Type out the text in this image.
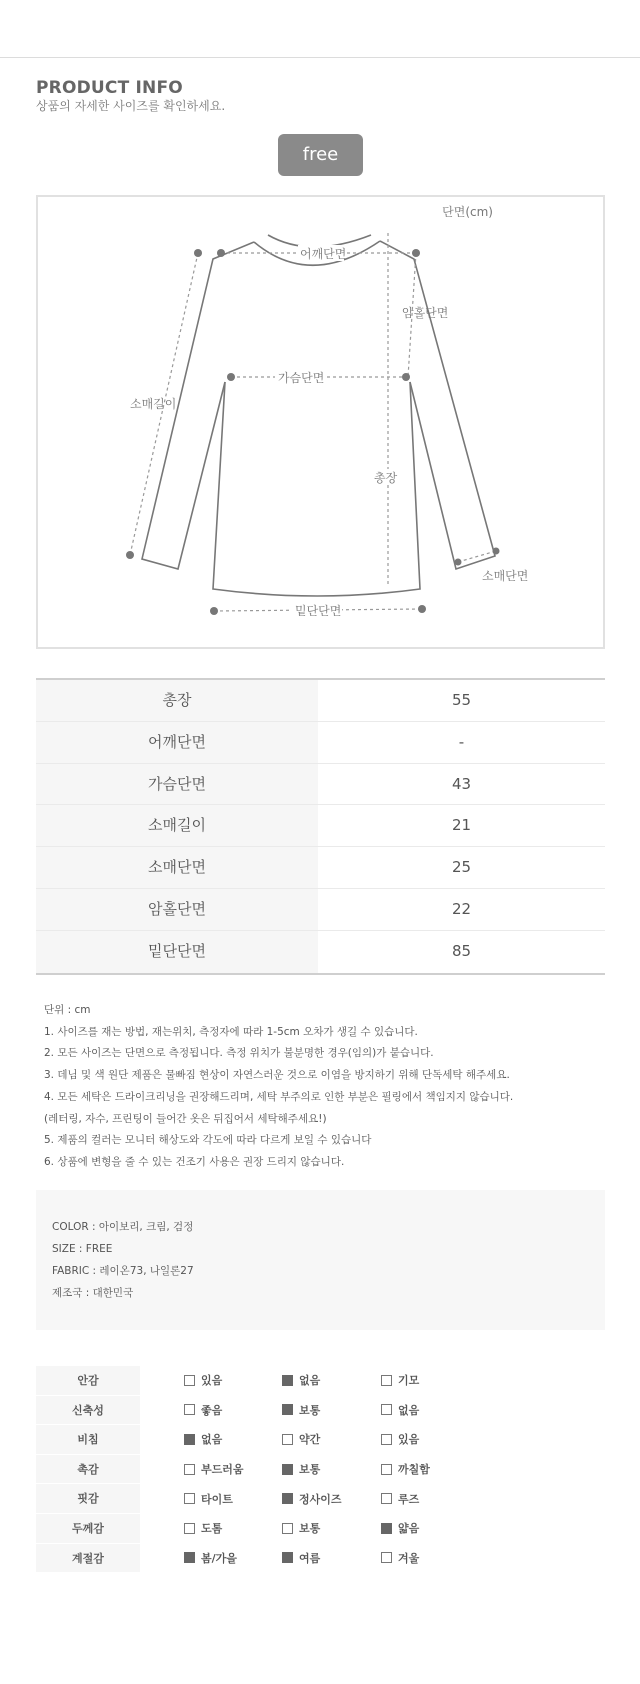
PRODUCT INFO
상품의 자세한 사이즈를 확인하세요.
free
단면(cm)
어깨단면
암홀단면
가슴단면
소매길이
총장
소매단면
밑단단면
총장	55
어깨단면	-
가슴단면	43
소매길이	21
소매단면	25
암홀단면	22
밑단단면	85

단위 : cm

1. 사이즈를 재는 방법, 재는위치, 측정자에 따라 1-5cm 오차가 생길 수 있습니다.

2. 모든 사이즈는 단면으로 측정됩니다. 측정 위치가 불분명한 경우(임의)가 붙습니다.

3. 데님 및 색 원단 제품은 물빠짐 현상이 자연스러운 것으로 이염을 방지하기 위해 단독세탁 해주세요.

4. 모든 세탁은 드라이크리닝을 권장해드리며, 세탁 부주의로 인한 부분은 필링에서 책임지지 않습니다.

(레터링, 자수, 프린팅이 들어간 옷은 뒤집어서 세탁해주세요!)

5. 제품의 컬러는 모니터 해상도와 각도에 따라 다르게 보일 수 있습니다

6. 상품에 변형을 줄 수 있는 건조기 사용은 권장 드리지 않습니다.

COLOR : 아이보리, 크림, 검정

SIZE : FREE

FABRIC : 레이온73, 나일론27

제조국 : 대한민국

안감	있음	없음	기모
신축성	좋음	보통	없음
비침	없음	약간	있음
촉감	부드러움	보통	까칠함
핏감	타이트	정사이즈	루즈
두께감	도톰	보통	얇음
계절감	봄/가을	여름	겨울
